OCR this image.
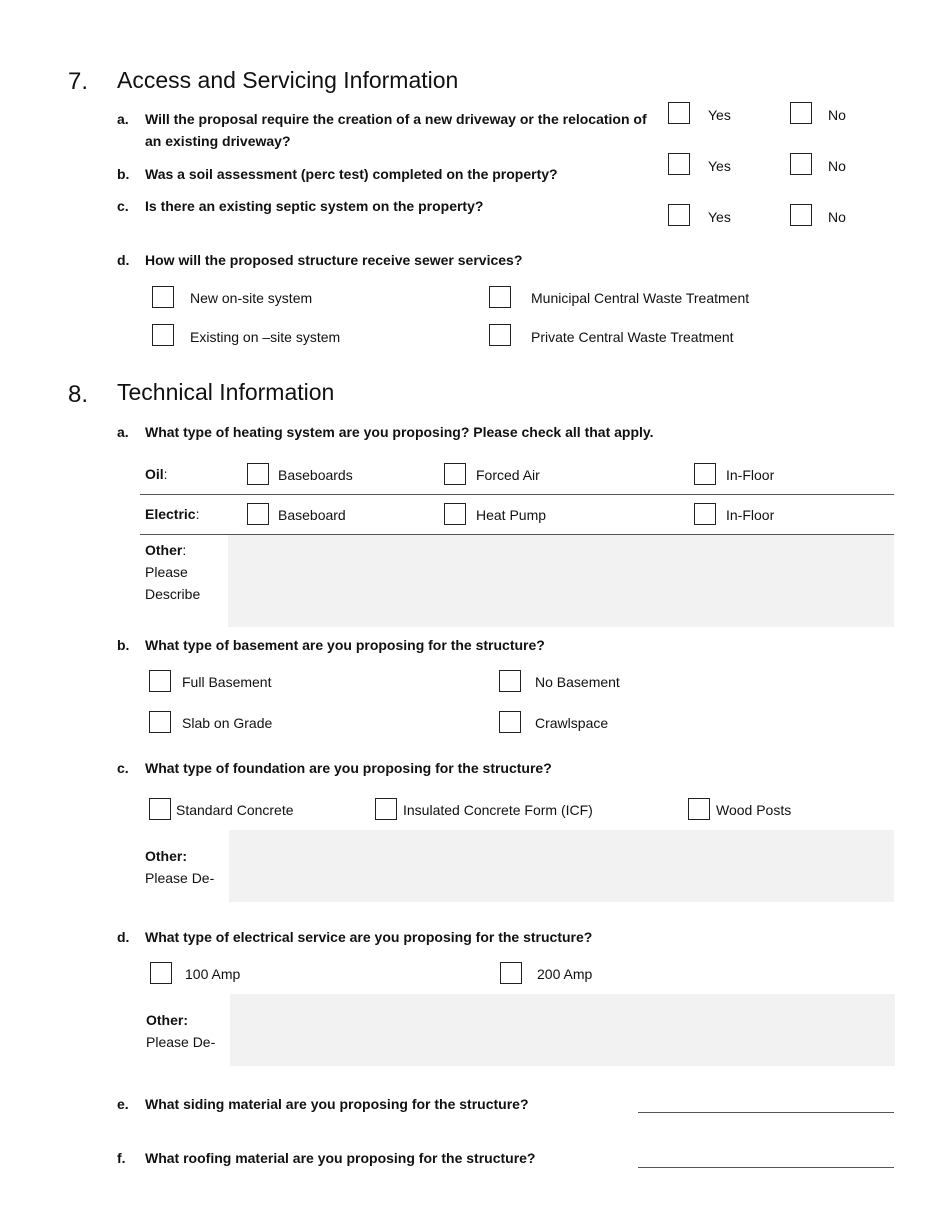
7. Access and Servicing Information
a. Will the proposal require the creation of a new driveway or the relocation of an existing driveway?
Yes	No
b. Was a soil assessment (perc test) completed on the property?	Yes	No
c. Is there an existing septic system on the property?
Yes	No
d. How will the proposed structure receive sewer services?
New on-site system	Municipal Central Waste Treatment
Existing on –site system	Private Central Waste Treatment
8. Technical Information
a. What type of heating system are you proposing? Please check all that apply.
Oil:	Baseboards	Forced Air	In-Floor
Electric:	Baseboard	Heat Pump	In-Floor
Other:
Please
Describe
b. What type of basement are you proposing for the structure?
Full Basement	No Basement
Slab on Grade	Crawlspace
c. What type of foundation are you proposing for the structure?
Standard Concrete	Insulated Concrete Form (ICF)	Wood Posts
Other:
Please De-
d. What type of electrical service are you proposing for the structure?
100 Amp	200 Amp
Other:
Please De-
e. What siding material are you proposing for the structure?
f. What roofing material are you proposing for the structure?
